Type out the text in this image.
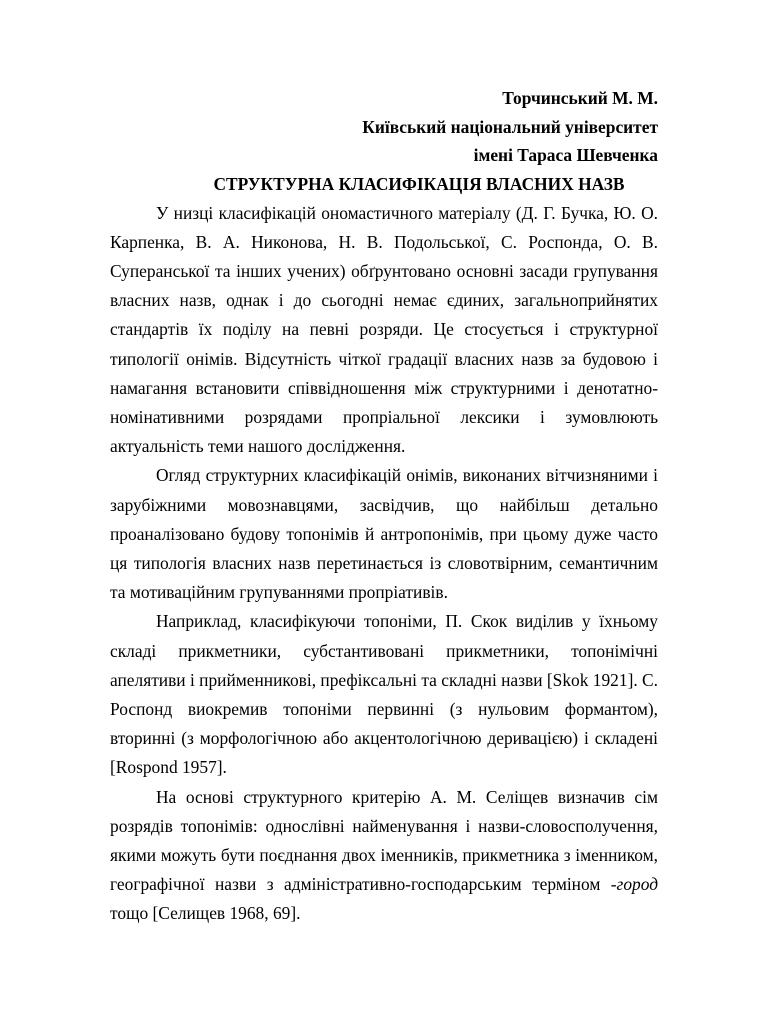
Торчинський М. М.

Київський національний університет

імені Тараса Шевченка

СТРУКТУРНА КЛАСИФІКАЦІЯ ВЛАСНИХ НАЗВ

У низці класифікацій ономастичного матеріалу (Д. Г. Бучка, Ю. О. Карпенка, В. А. Никонова, Н. В. Подольської, С. Роспонда, О. В. Суперанської та інших учених) обґрунтовано основні засади групування власних назв, однак і до сьогодні немає єдиних, загальноприйнятих стандартів їх поділу на певні розряди. Це стосується і структурної типології онімів. Відсутність чіткої градації власних назв за будовою і намагання встановити співвідношення між структурними і денотатно-номінативними розрядами пропріальної лексики і зумовлюють актуальність теми нашого дослідження.

Огляд структурних класифікацій онімів, виконаних вітчизняними і зарубіжними мовознавцями, засвідчив, що найбільш детально проаналізовано будову топонімів й антропонімів, при цьому дуже часто ця типологія власних назв перетинається із словотвірним, семантичним та мотиваційним групуваннями пропріативів.

Наприклад, класифікуючи топоніми, П. Скок виділив у їхньому складі прикметники, субстантивовані прикметники, топонімічні апелятиви і прийменникові, префіксальні та складні назви [Skok 1921]. С. Роспонд виокремив топоніми первинні (з нульовим формантом), вторинні (з морфологічною або акцентологічною деривацією) і складені [Rospond 1957].

На основі структурного критерію А. М. Селіщев визначив сім розрядів топонімів: однослівні найменування і назви-словосполучення, якими можуть бути поєднання двох іменників, прикметника з іменником, географічної назви з адміністративно-господарським терміном -город тощо [Селищев 1968, 69].
